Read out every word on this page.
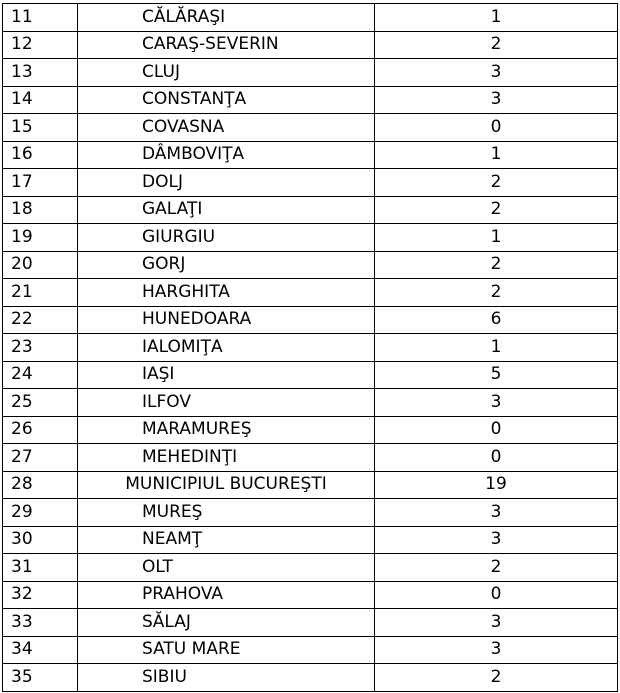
11	CĂLĂRAŞI	1
12	CARAŞ-SEVERIN	2
13	CLUJ	3
14	CONSTANŢA	3
15	COVASNA	0
16	DÂMBOVIŢA	1
17	DOLJ	2
18	GALAŢI	2
19	GIURGIU	1
20	GORJ	2
21	HARGHITA	2
22	HUNEDOARA	6
23	IALOMIŢA	1
24	IAŞI	5
25	ILFOV	3
26	MARAMUREŞ	0
27	MEHEDINŢI	0
28	MUNICIPIUL BUCUREŞTI	19
29	MUREŞ	3
30	NEAMŢ	3
31	OLT	2
32	PRAHOVA	0
33	SĂLAJ	3
34	SATU MARE	3
35	SIBIU	2
